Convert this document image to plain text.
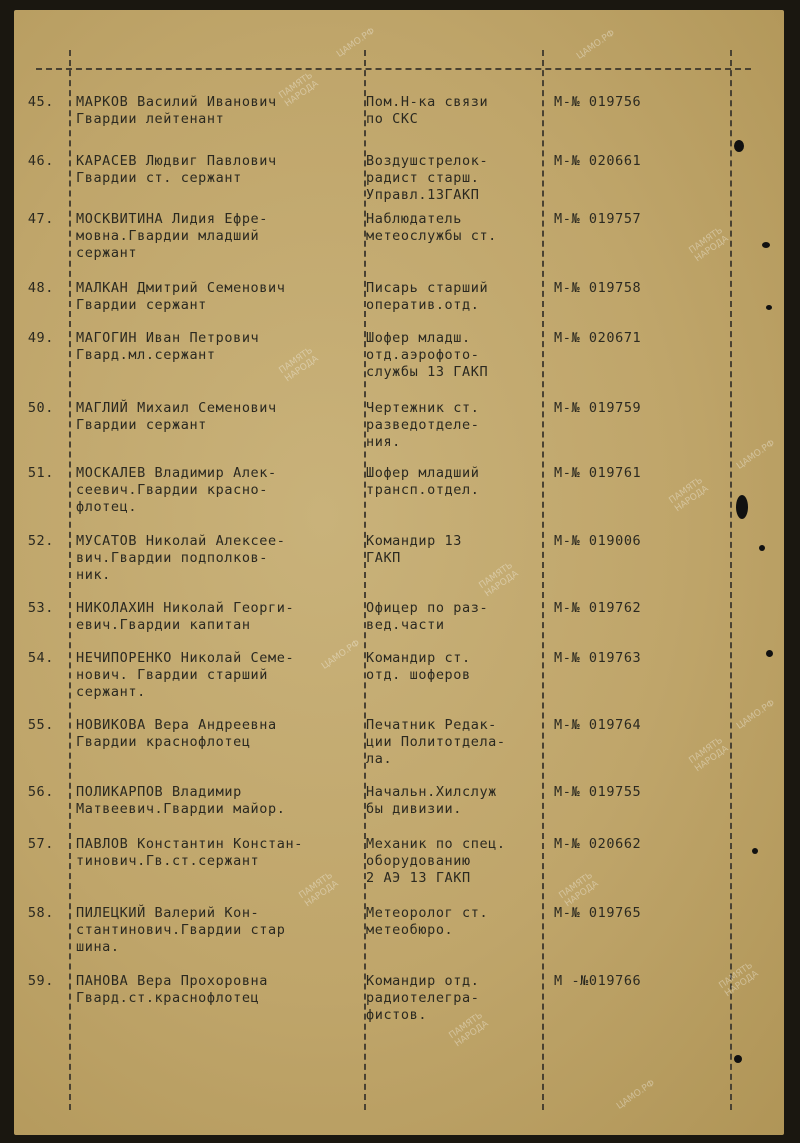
45. МАРКОВ Василий Иванович
Гвардии лейтенант
Пом.Н-ка связи
по СКС
М-№ 019756
46. КАРАСЕВ Людвиг Павлович
Гвардии ст. сержант
Воздушстрелок-
радист старш.
Управл.13ГАКП
М-№ 020661
47. МОСКВИТИНА Лидия Ефре-
мовна.Гвардии младший
сержант
Наблюдатель
метеослужбы ст.
М-№ 019757
48. МАЛКАН Дмитрий Семенович
Гвардии сержант
Писарь старший
оператив.отд.
М-№ 019758
49. МАГОГИН Иван Петрович
Гвард.мл.сержант
Шофер младш.
отд.аэрофото-
службы 13 ГАКП
М-№ 020671
50. МАГЛИЙ Михаил Семенович
Гвардии сержант
Чертежник ст.
разведотделе-
ния.
М-№ 019759
51. МОСКАЛЕВ Владимир Алек-
сеевич.Гвардии красно-
флотец.
Шофер младший
трансп.отдел.
М-№ 019761
52. МУСАТОВ Николай Алексее-
вич.Гвардии подполков-
ник.
Командир 13
ГАКП
М-№ 019006
53. НИКОЛАХИН Николай Георги-
евич.Гвардии капитан
Офицер по раз-
вед.части
М-№ 019762
54. НЕЧИПОРЕНКО Николай Семе-
нович. Гвардии старший
сержант.
Командир ст.
отд. шоферов
М-№ 019763
55. НОВИКОВА Вера Андреевна
Гвардии краснофлотец
Печатник Редак-
ции Политотдела-
ла.
М-№ 019764
56. ПОЛИКАРПОВ Владимир
Матвеевич.Гвардии майор.
Начальн.Хилслуж
бы дивизии.
М-№ 019755
57. ПАВЛОВ Константин Констан-
тинович.Гв.ст.сержант
Механик по спец.
оборудованию
2 АЭ 13 ГАКП
М-№ 020662
58. ПИЛЕЦКИЙ Валерий Кон-
стантинович.Гвардии стар
шина.
Метеоролог ст.
метеобюро.
М-№ 019765
59. ПАНОВА Вера Прохоровна
Гвард.ст.краснофлотец
Командир отд.
радиотелегра-
фистов.
М -№019766
ЦАМО.РФ	ЦАМО.РФ
ПАМЯТЬ НАРОДА
ПАМЯТЬ НАРОДА
ПАМЯТЬ НАРОДА
ЦАМО.РФ
ПАМЯТЬ НАРОДА
ПАМЯТЬ НАРОДА
ЦАМО.РФ
ЦАМО.РФ
ПАМЯТЬ НАРОДА
ПАМЯТЬ НАРОДА	ПАМЯТЬ НАРОДА
ПАМЯТЬ НАРОДА
ПАМЯТЬ НАРОДА
ЦАМО.РФ
